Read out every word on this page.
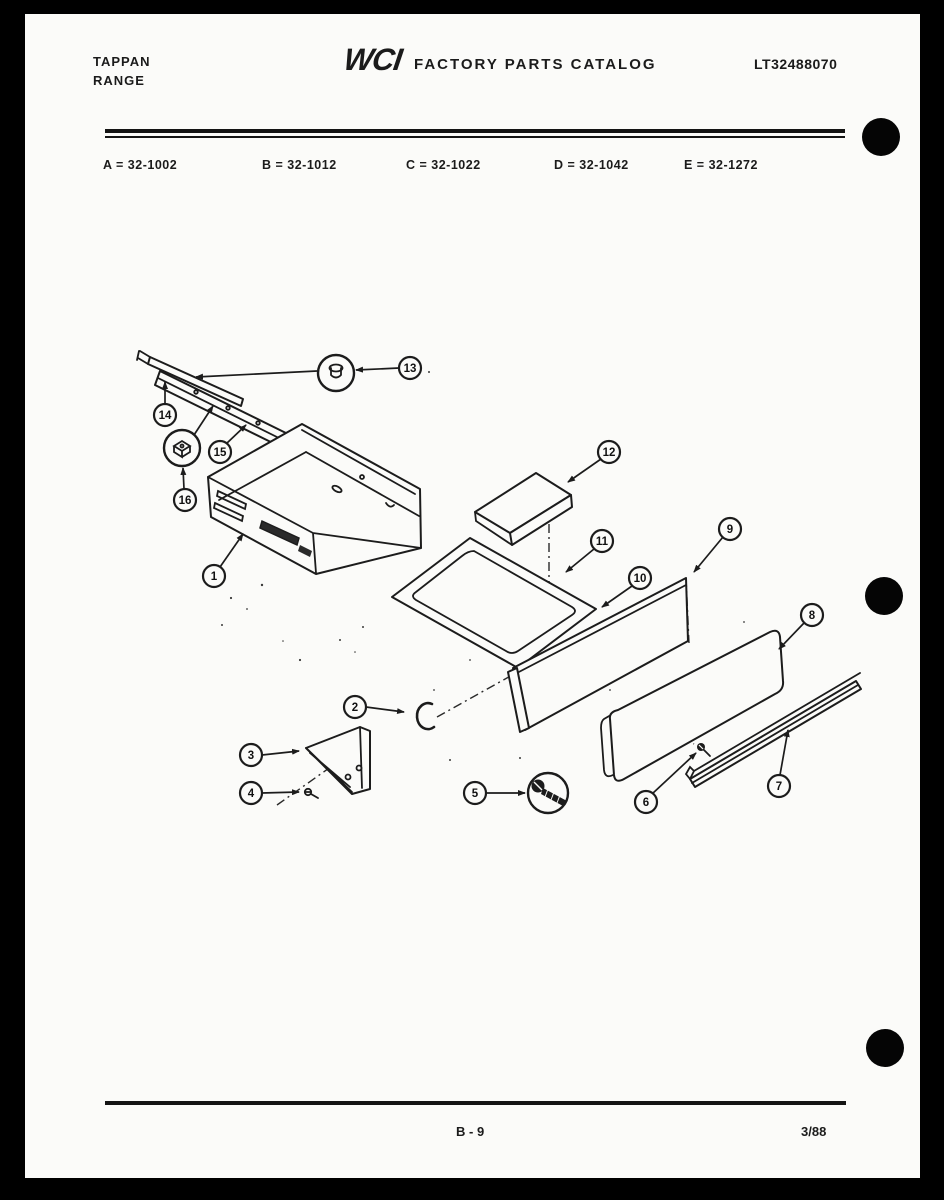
TAPPAN
RANGE
WCI FACTORY PARTS CATALOG	LT32488070
A = 32-1002	B = 32-1012	C = 32-1022	D = 32-1042	E = 32-1272
B - 9	3/88
1
2
3
4	5
6
7
8
9
10
11
12
13
14
15
16
